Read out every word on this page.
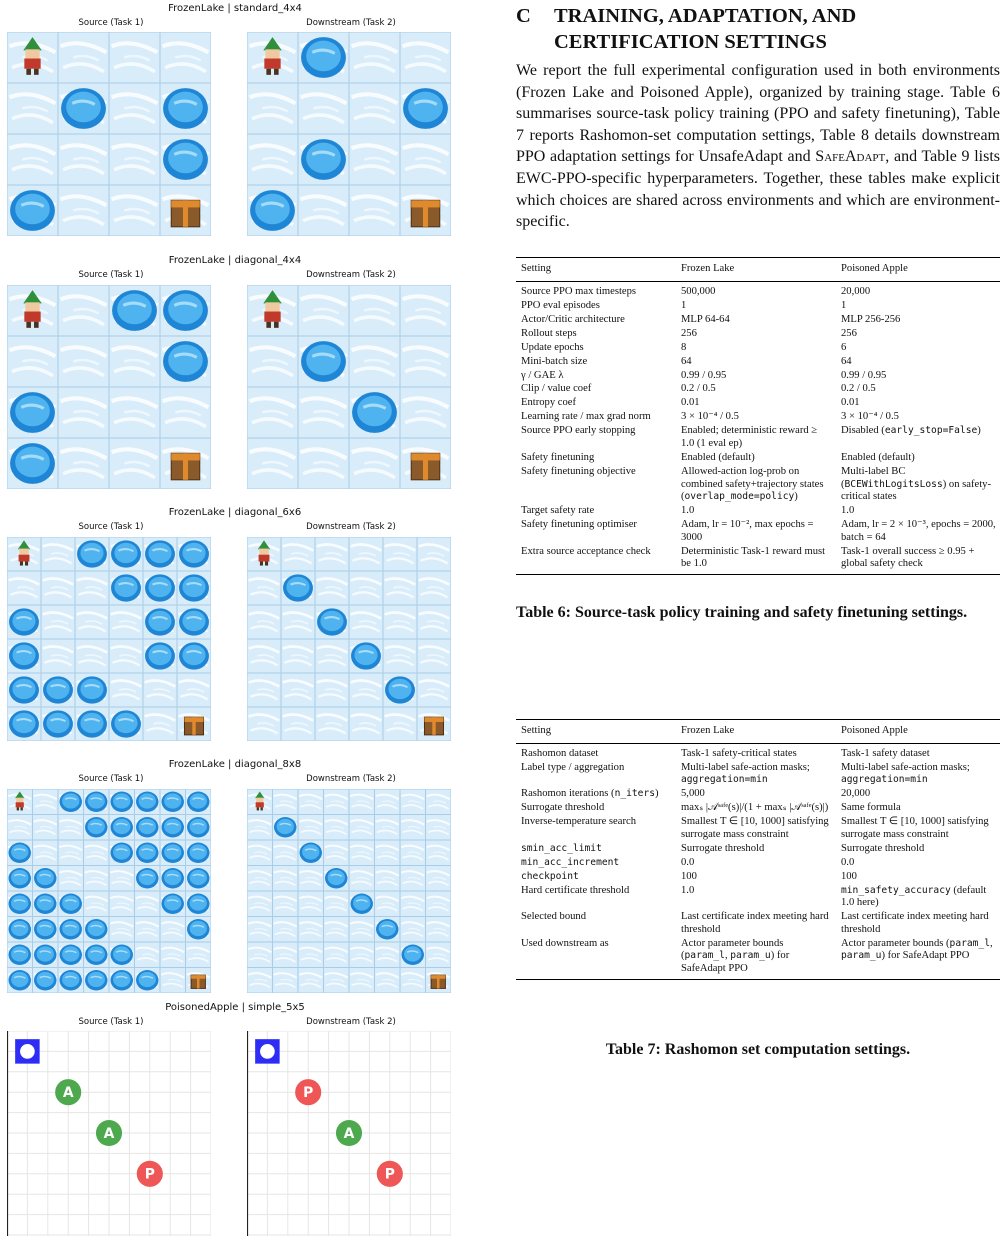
FrozenLake | standard_4x4
Source (Task 1)	Downstream (Task 2)
FrozenLake | diagonal_4x4
Source (Task 1)	Downstream (Task 2)
FrozenLake | diagonal_6x6
Source (Task 1)	Downstream (Task 2)
FrozenLake | diagonal_8x8
Source (Task 1)	Downstream (Task 2)
PoisonedApple | simple_5x5
Source (Task 1)	Downstream (Task 2)
A
A
P
P
A
P
C TRAINING, ADAPTATION, AND
CERTIFICATION SETTINGS
We report the full experimental configuration used in both environments (Frozen Lake and Poisoned Apple), organized by training stage. Table 6 summarises source-task policy training (PPO and safety finetuning), Table 7 reports Rashomon-set computation settings, Table 8 details downstream PPO adaptation settings for UnsafeAdapt and SafeAdapt, and Table 9 lists EWC-PPO-specific hyperparameters. Together, these tables make explicit which choices are shared across environments and which are environment-specific.
Setting	Frozen Lake	Poisoned Apple
Source PPO max timesteps	500,000	20,000
PPO eval episodes	1	1
Actor/Critic architecture	MLP 64-64	MLP 256-256
Rollout steps	256	256
Update epochs	8	6
Mini-batch size	64	64
γ / GAE λ	0.99 / 0.95	0.99 / 0.95
Clip / value coef	0.2 / 0.5	0.2 / 0.5
Entropy coef	0.01	0.01
Learning rate / max grad norm	3 × 10⁻⁴ / 0.5	3 × 10⁻⁴ / 0.5
Source PPO early stopping	Enabled; deterministic reward ≥ 1.0 (1 eval ep)	Disabled (early_stop=False)
Safety finetuning	Enabled (default)	Enabled (default)
Safety finetuning objective	Allowed-action log-prob on combined safety+trajectory states (overlap_mode=policy)	Multi-label BC (BCEWithLogitsLoss) on safety-critical states
Target safety rate	1.0	1.0
Safety finetuning optimiser	Adam, lr = 10⁻², max epochs = 3000	Adam, lr = 2 × 10⁻³, epochs = 2000, batch = 64
Extra source acceptance check	Deterministic Task-1 reward must be 1.0	Task-1 overall success ≥ 0.95 + global safety check
Table 6: Source-task policy training and safety finetuning settings.
Setting	Frozen Lake	Poisoned Apple
Rashomon dataset	Task-1 safety-critical states	Task-1 safety dataset
Label type / aggregation	Multi-label safe-action masks; aggregation=min	Multi-label safe-action masks; aggregation=min
Rashomon iterations (n_iters)	5,000	20,000
Surrogate threshold	maxₛ |𝒜ˢᵃᶠᵉ(s)|/(1 + maxₛ |𝒜ˢᵃᶠᵉ(s)|)	Same formula
Inverse-temperature search	Smallest T ∈ [10, 1000] satisfying surrogate mass constraint	Smallest T ∈ [10, 1000] satisfying surrogate mass constraint
smin_acc_limit	Surrogate threshold	Surrogate threshold
min_acc_increment	0.0	0.0
checkpoint	100	100
Hard certificate threshold	1.0	min_safety_accuracy (default 1.0 here)
Selected bound	Last certificate index meeting hard threshold	Last certificate index meeting hard threshold
Used downstream as	Actor parameter bounds (param_l, param_u) for SafeAdapt PPO	Actor parameter bounds (param_l, param_u) for SafeAdapt PPO
Table 7: Rashomon set computation settings.
